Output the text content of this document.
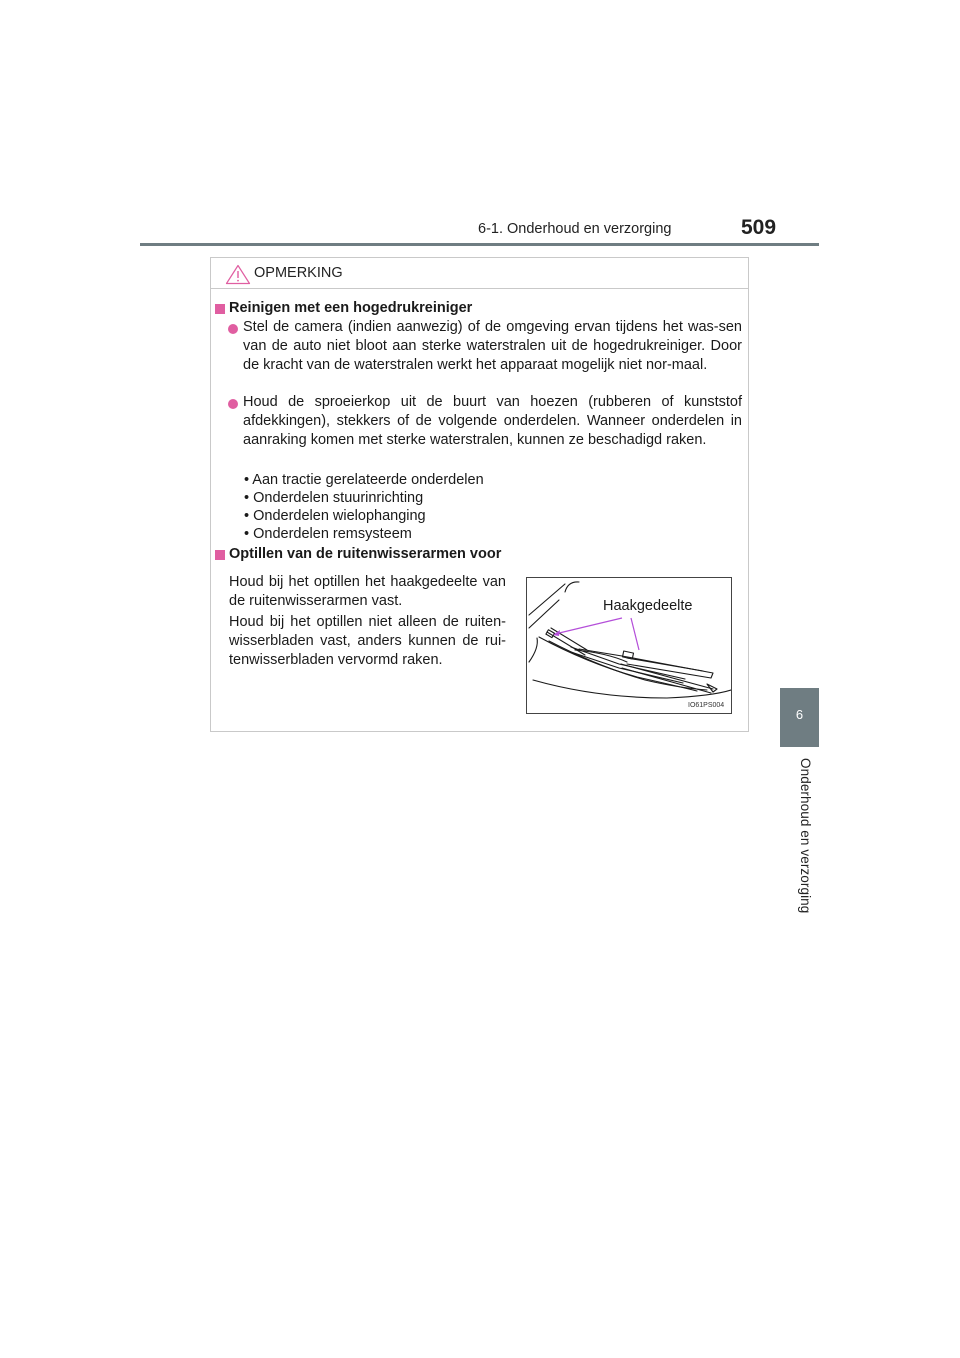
6-1. Onderhoud en verzorging	509
6
Onderhoud en verzorging
OPMERKING
Reinigen met een hogedrukreiniger
Stel de camera (indien aanwezig) of de omgeving ervan tijdens het was-sen van de auto niet bloot aan sterke waterstralen uit de hogedrukreiniger. Door de kracht van de waterstralen werkt het apparaat mogelijk niet nor-maal.
Houd de sproeierkop uit de buurt van hoezen (rubberen of kunststof afdekkingen), stekkers of de volgende onderdelen. Wanneer onderdelen in aanraking komen met sterke waterstralen, kunnen ze beschadigd raken.
• Aan tractie gerelateerde onderdelen
• Onderdelen stuurinrichting
• Onderdelen wielophanging
• Onderdelen remsysteem
Optillen van de ruitenwisserarmen voor
Houd bij het optillen het haakgedeelte van de ruitenwisserarmen vast.
Houd bij het optillen niet alleen de ruiten-wisserbladen vast, anders kunnen de rui-tenwisserbladen vervormd raken.
Haakgedeelte
IO61PS004
